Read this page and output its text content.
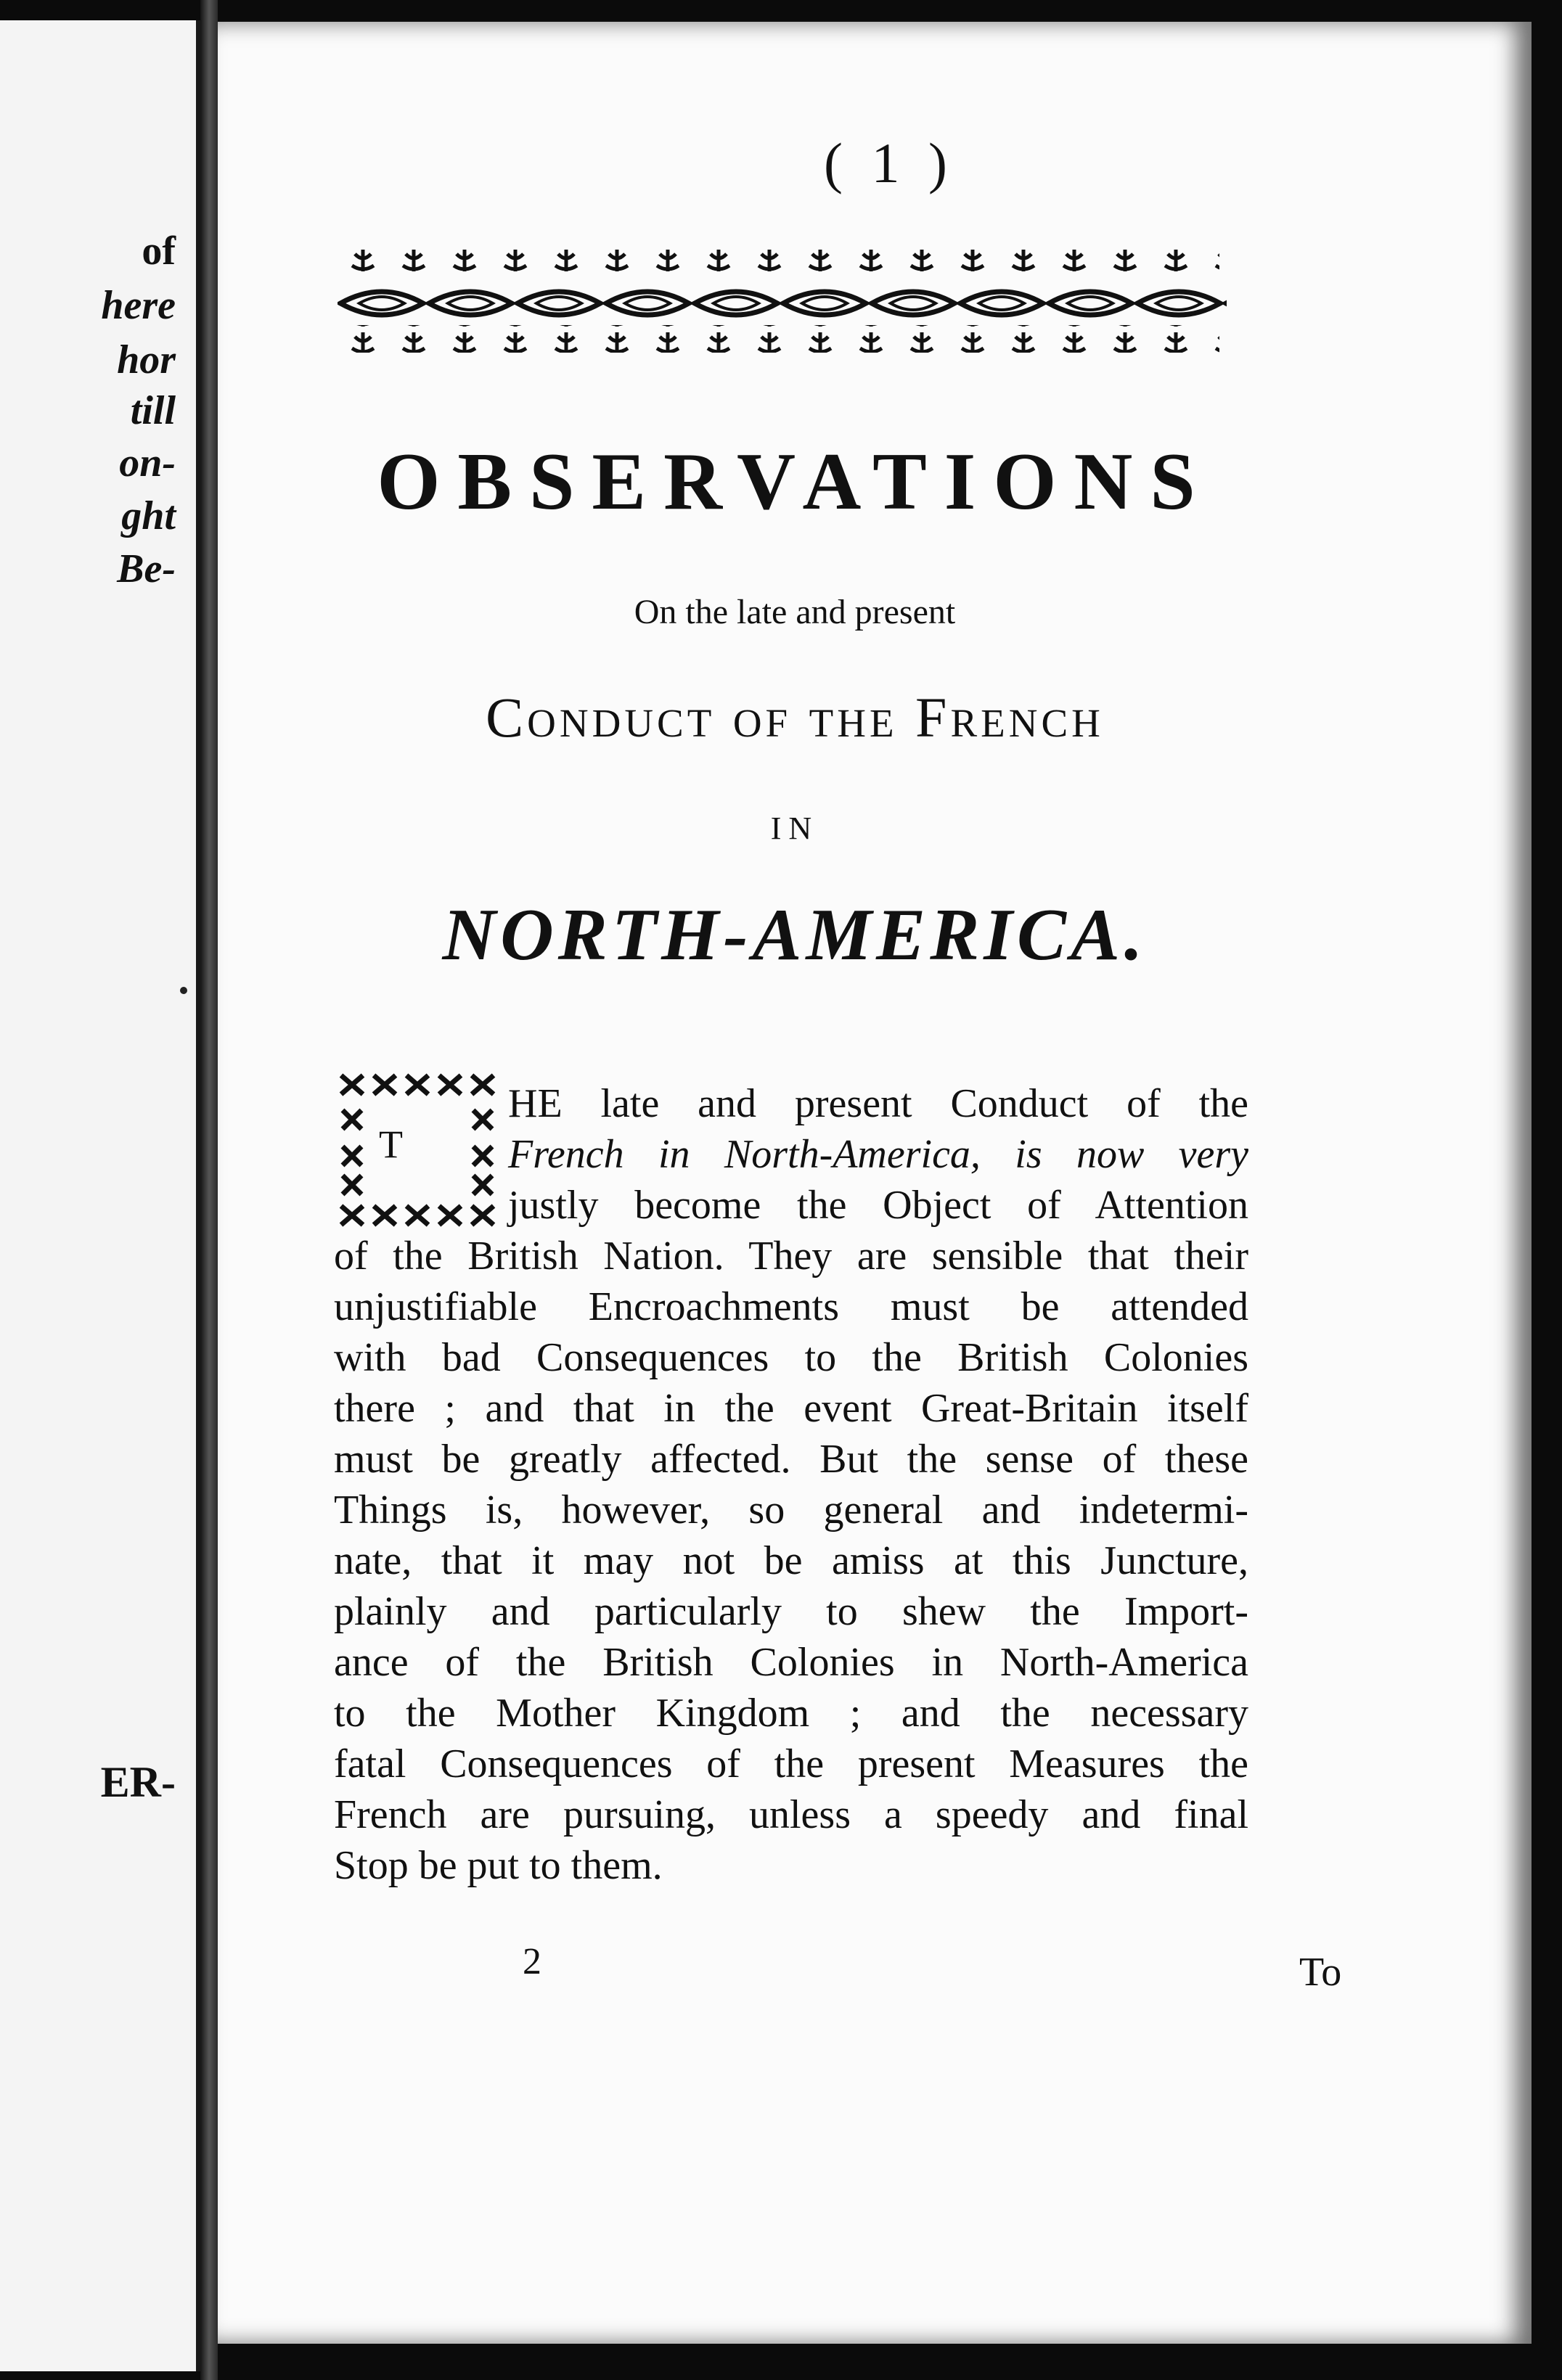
of
here
hor
till
on-
ght
Be-
ER-
( 1 )
OBSERVATIONS
On the late and present
Conduct of the French
IN
NORTH-AMERICA.
T
HE late and present Conduct of the
French in North-America, is now very
justly become the Object of Attention
of the British Nation. They are sensible that their
unjustifiable Encroachments must be attended
with bad Consequences to the British Colonies
there ; and that in the event Great-Britain itself
must be greatly affected. But the sense of these
Things is, however, so general and indetermi-
nate, that it may not be amiss at this Juncture,
plainly and particularly to shew the Import-
ance of the British Colonies in North-America
to the Mother Kingdom ; and the necessary
fatal Consequences of the present Measures the
French are pursuing, unless a speedy and final
Stop be put to them.
2	To
